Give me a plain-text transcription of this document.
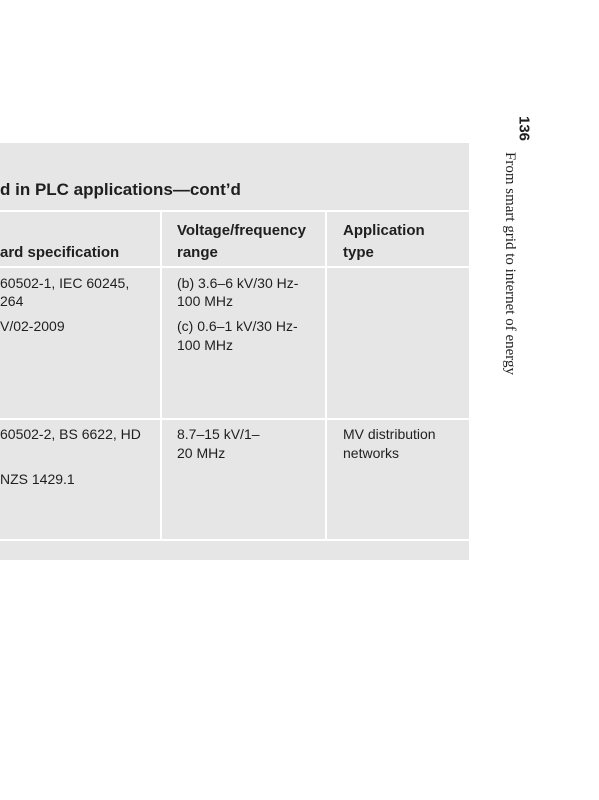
d in PLC applications—cont’d
ard specification
Voltage/frequency
range
Application
type
60502-1, IEC 60245,
264
V/02-2009
(b) 3.6–6 kV/30 Hz-
100 MHz
(c) 0.6–1 kV/30 Hz-
100 MHz
60502-2, BS 6622, HD
NZS 1429.1
8.7–15 kV/1–
20 MHz
MV distribution
networks
136
From smart grid to internet of energy
